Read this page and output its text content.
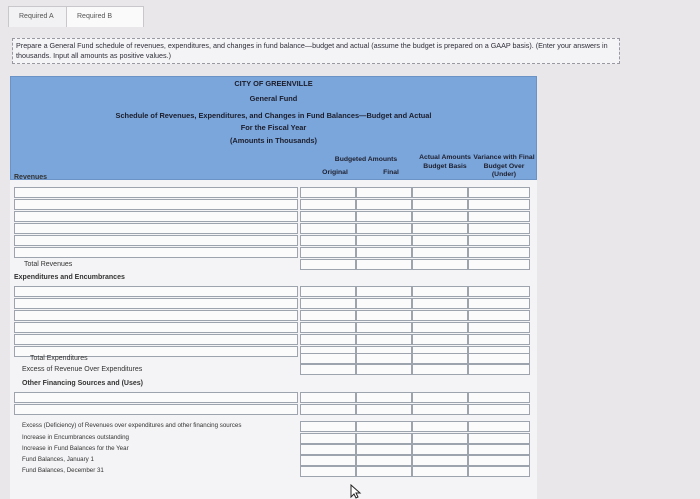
Required A	Required B
Prepare a General Fund schedule of revenues, expenditures, and changes in fund balance—budget and actual (assume the budget is prepared on a GAAP basis). (Enter your answers in thousands. Input all amounts as positive values.)
CITY OF GREENVILLE
General Fund
Schedule of Revenues, Expenditures, and Changes in Fund Balances—Budget and Actual
For the Fiscal Year
(Amounts in Thousands)
Budgeted Amounts
Original	Final
Actual Amounts Budget Basis
Variance with Final Budget Over (Under)
Revenues
Total Revenues
Expenditures and Encumbrances
Total Expenditures
Excess of Revenue Over Expenditures
Other Financing Sources and (Uses)
Excess (Deficiency) of Revenues over expenditures and other financing sources
Increase in Encumbrances outstanding
Increase in Fund Balances for the Year
Fund Balances, January 1
Fund Balances, December 31
